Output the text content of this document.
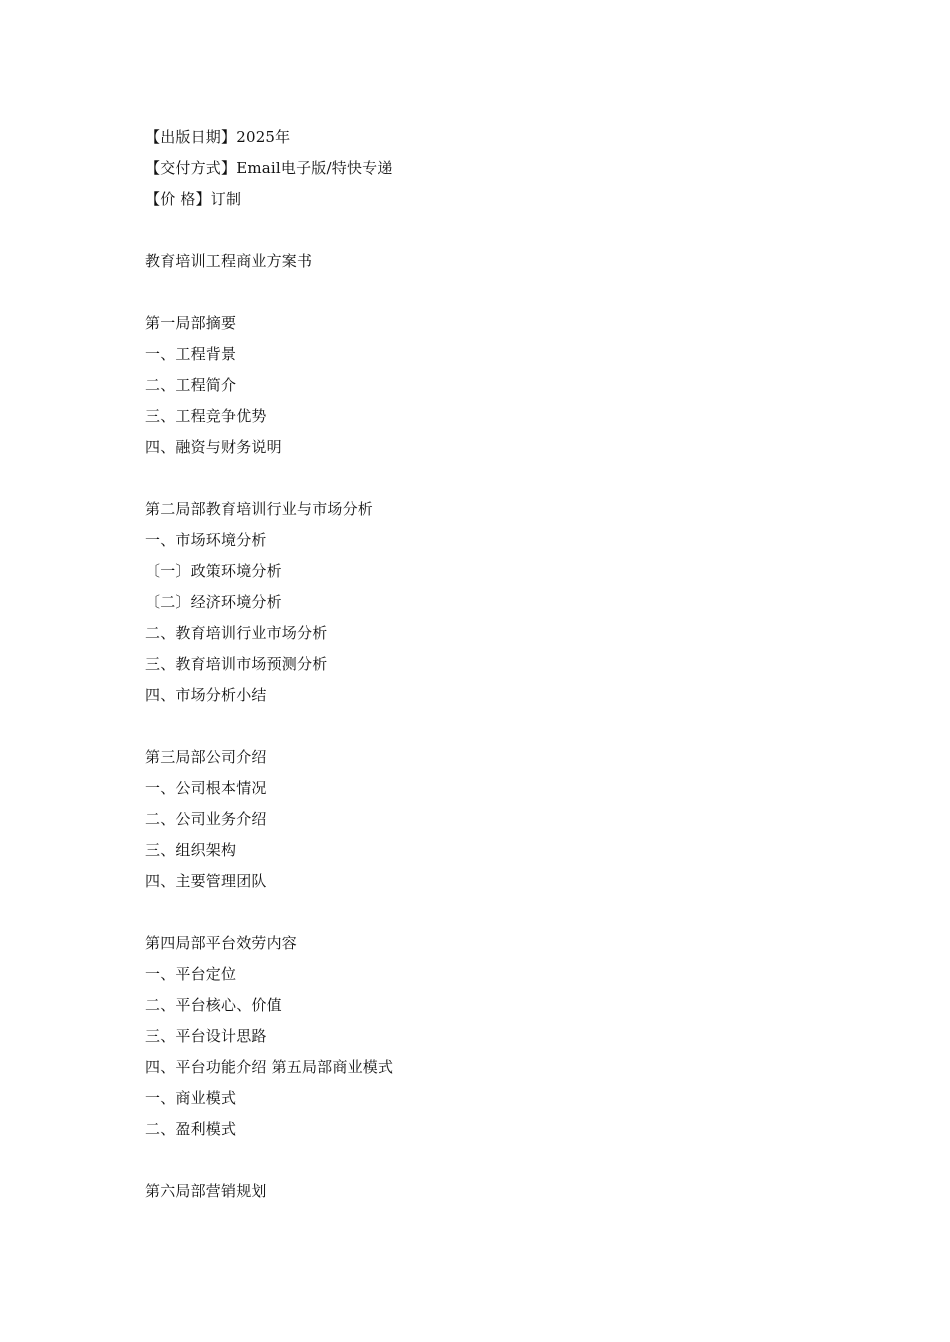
【出版日期】2025年
【交付方式】Email电子版/特快专递
【价 格】订制
教育培训工程商业方案书
第一局部摘要
一、工程背景
二、工程简介
三、工程竞争优势
四、融资与财务说明
第二局部教育培训行业与市场分析
一、市场环境分析
〔一〕政策环境分析
〔二〕经济环境分析
二、教育培训行业市场分析
三、教育培训市场预测分析
四、市场分析小结
第三局部公司介绍
一、公司根本情况
二、公司业务介绍
三、组织架构
四、主要管理团队
第四局部平台效劳内容
一、平台定位
二、平台核心、价值
三、平台设计思路
四、平台功能介绍 第五局部商业模式
一、商业模式
二、盈利模式
第六局部营销规划
